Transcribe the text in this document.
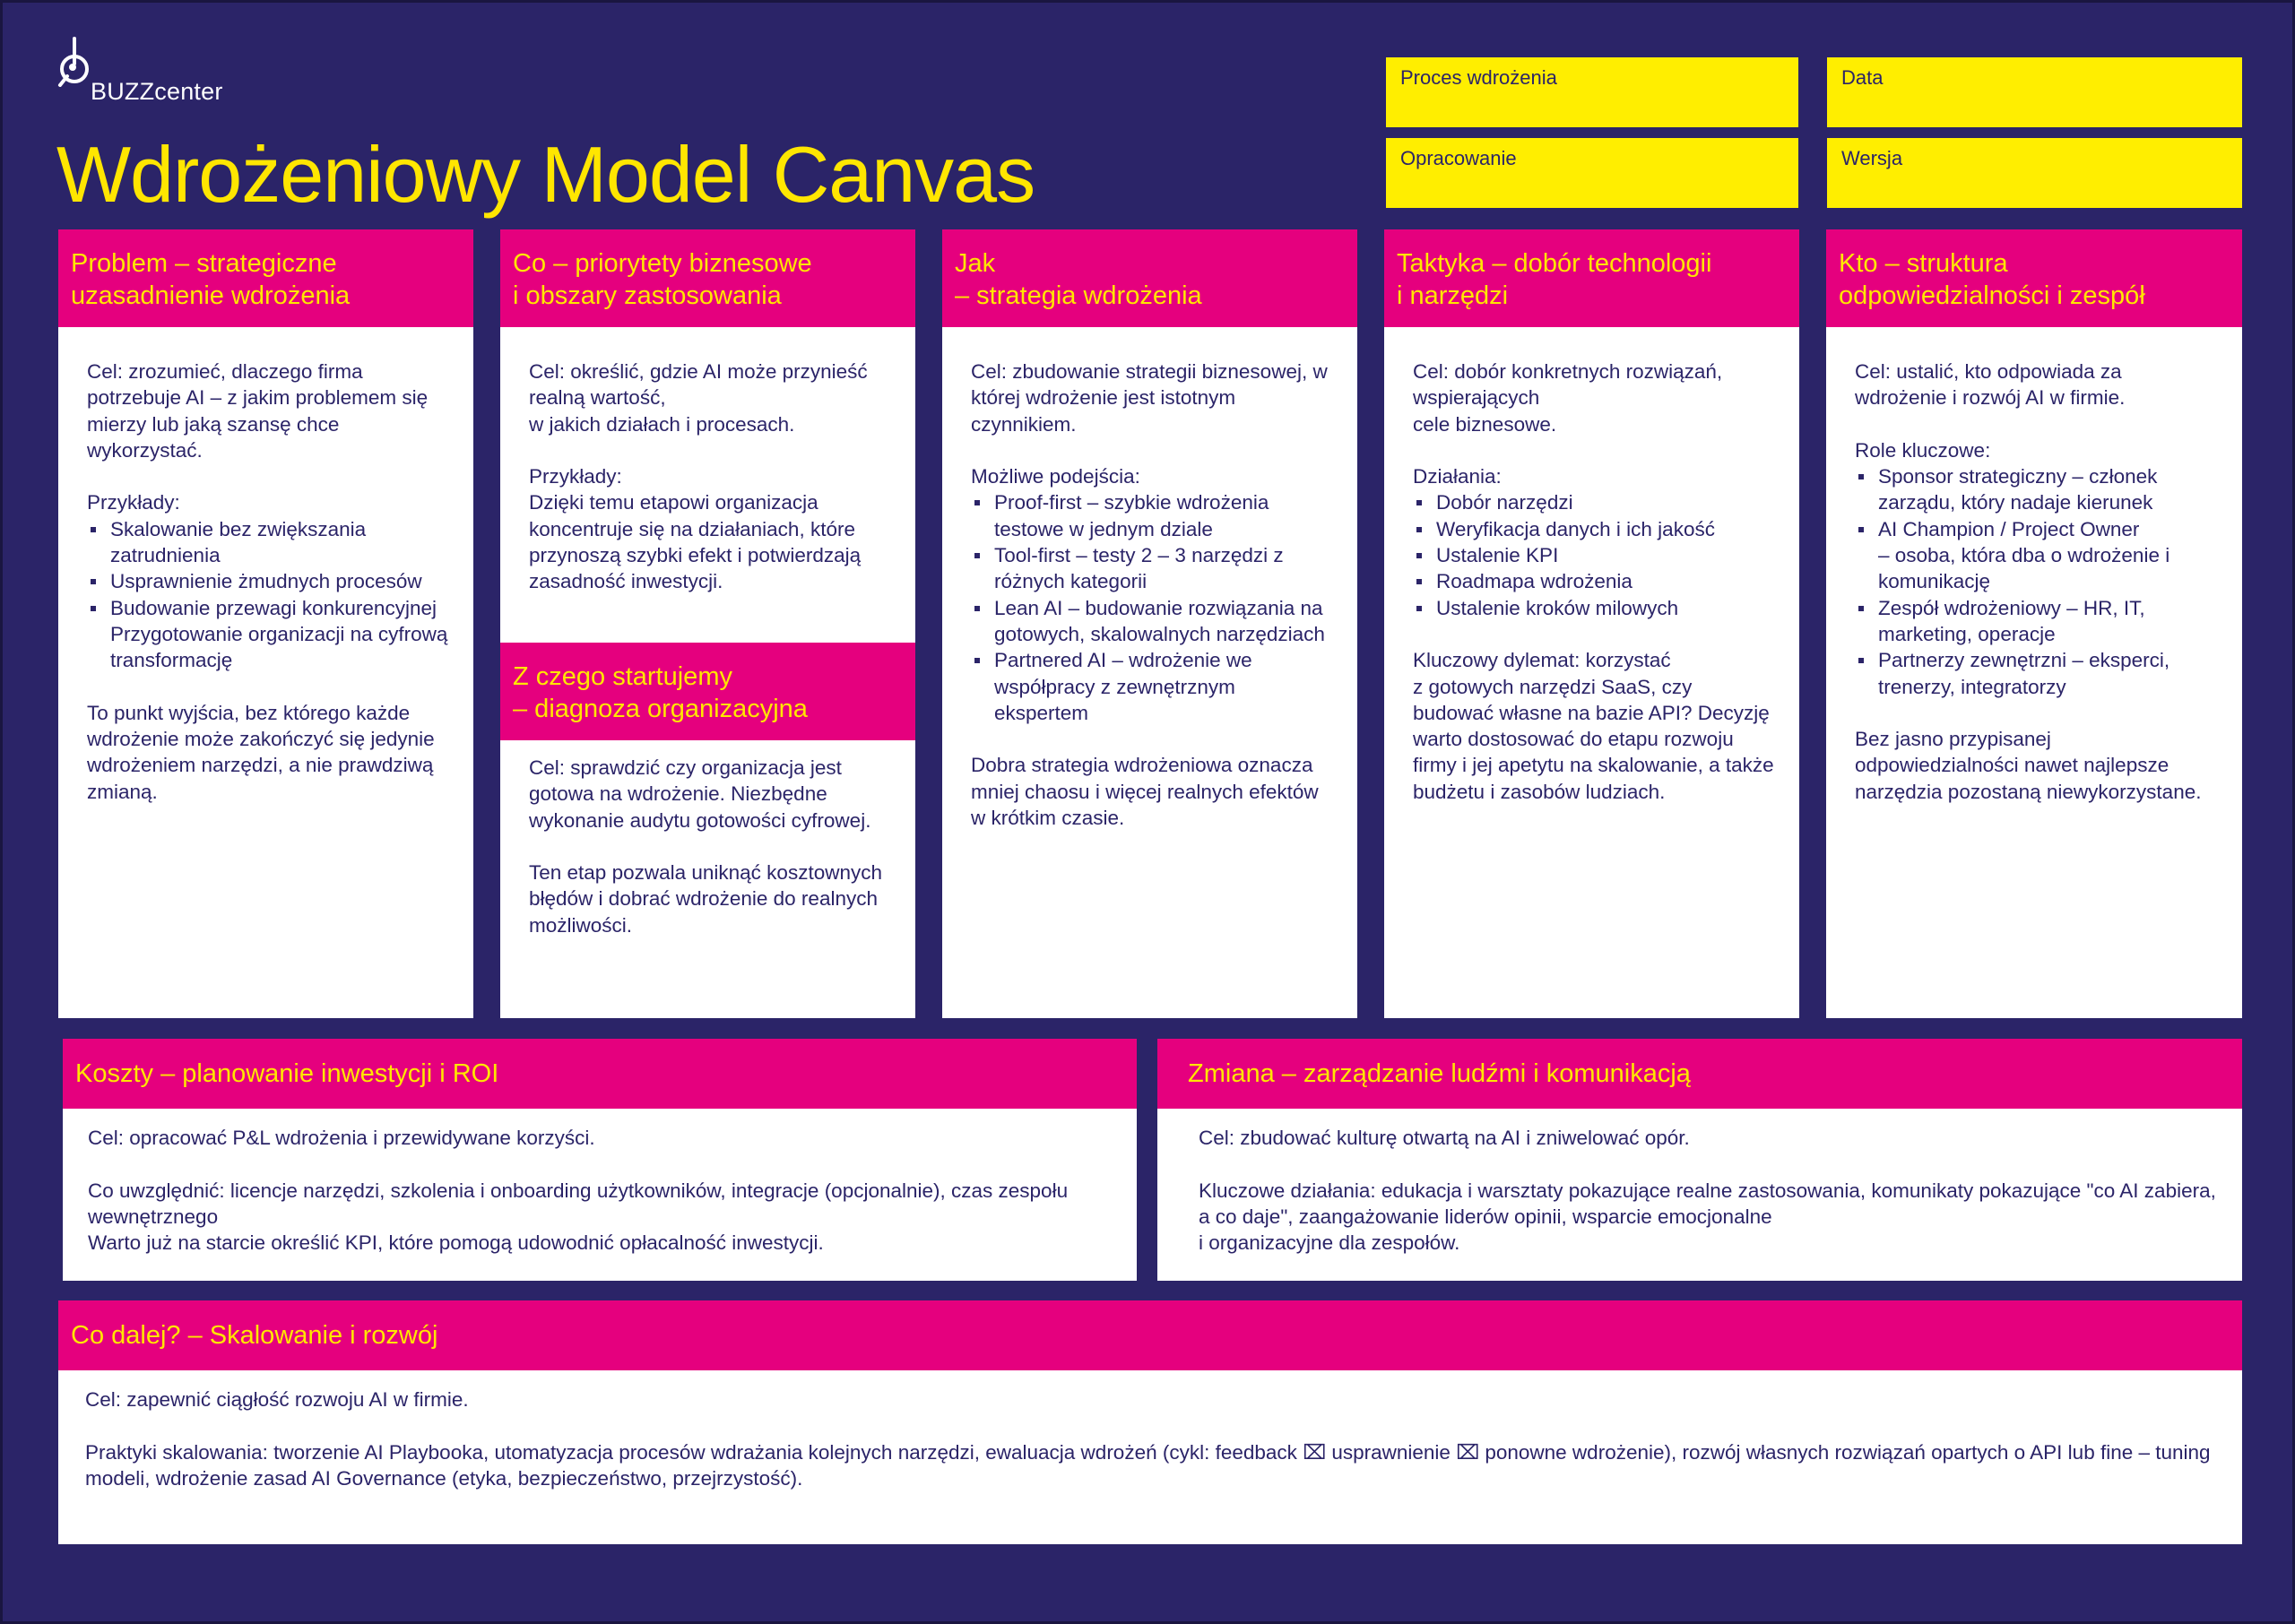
BUZZcenter
Wdrożeniowy Model Canvas
Proces wdrożenia	Data
Opracowanie	Wersja
Problem – strategiczne
uzasadnienie wdrożenia

Cel: zrozumieć, dlaczego firma potrzebuje AI – z jakim problemem się mierzy lub jaką szansę chce wykorzystać.

Przykłady:

Skalowanie bez zwiększania zatrudnienia
Usprawnienie żmudnych procesów
Budowanie przewagi konkurencyjnej
Przygotowanie organizacji na cyfrową transformację

To punkt wyjścia, bez którego każde wdrożenie może zakończyć się jedynie wdrożeniem narzędzi, a nie prawdziwą zmianą.

Co – priorytety biznesowe
i obszary zastosowania

Cel: określić, gdzie AI może przynieść realną wartość,
w jakich działach i procesach.

Przykłady:

Dzięki temu etapowi organizacja koncentruje się na działaniach, które przynoszą szybki efekt i potwierdzają zasadność inwestycji.

Z czego startujemy
– diagnoza organizacyjna

Cel: sprawdzić czy organizacja jest gotowa na wdrożenie. Niezbędne wykonanie audytu gotowości cyfrowej.

Ten etap pozwala uniknąć kosztownych błędów i dobrać wdrożenie do realnych możliwości.

Jak
– strategia wdrożenia

Cel: zbudowanie strategii biznesowej, w której wdrożenie jest istotnym czynnikiem.

Możliwe podejścia:

Proof-first – szybkie wdrożenia testowe w jednym dziale
Tool-first – testy 2 – 3 narzędzi z różnych kategorii
Lean AI – budowanie rozwiązania na gotowych, skalowalnych narzędziach
Partnered AI – wdrożenie we współpracy z zewnętrznym ekspertem

Dobra strategia wdrożeniowa oznacza mniej chaosu i więcej realnych efektów w krótkim czasie.

Taktyka – dobór technologii
i narzędzi

Cel: dobór konkretnych rozwiązań, wspierających
cele biznesowe.

Działania:

Dobór narzędzi
Weryfikacja danych i ich jakość
Ustalenie KPI
Roadmapa wdrożenia
Ustalenie kroków milowych

Kluczowy dylemat: korzystać
z gotowych narzędzi SaaS, czy budować własne na bazie API? Decyzję warto dostosować do etapu rozwoju firmy i jej apetytu na skalowanie, a także budżetu i zasobów ludziach.

Kto – struktura
odpowiedzialności i zespół

Cel: ustalić, kto odpowiada za wdrożenie i rozwój AI w firmie.

Role kluczowe:

Sponsor strategiczny – członek zarządu, który nadaje kierunek
AI Champion / Project Owner
– osoba, która dba o wdrożenie i komunikację
Zespół wdrożeniowy – HR, IT, marketing, operacje
Partnerzy zewnętrzni – eksperci, trenerzy, integratorzy

Bez jasno przypisanej odpowiedzialności nawet najlepsze narzędzia pozostaną niewykorzystane.

Koszty – planowanie inwestycji i ROI

Cel: opracować P&L wdrożenia i przewidywane korzyści.

Co uwzględnić: licencje narzędzi, szkolenia i onboarding użytkowników, integracje (opcjonalnie), czas zespołu wewnętrznego

Warto już na starcie określić KPI, które pomogą udowodnić opłacalność inwestycji.

Zmiana – zarządzanie ludźmi i komunikacją

Cel: zbudować kulturę otwartą na AI i zniwelować opór.

Kluczowe działania: edukacja i warsztaty pokazujące realne zastosowania, komunikaty pokazujące "co AI zabiera,
a co daje", zaangażowanie liderów opinii, wsparcie emocjonalne
i organizacyjne dla zespołów.

Co dalej? – Skalowanie i rozwój

Cel: zapewnić ciągłość rozwoju AI w firmie.

Praktyki skalowania: tworzenie AI Playbooka, utomatyzacja procesów wdrażania kolejnych narzędzi, ewaluacja wdrożeń (cykl: feedback ⌧ usprawnienie ⌧ ponowne wdrożenie), rozwój własnych rozwiązań opartych o API lub fine – tuning modeli, wdrożenie zasad AI Governance (etyka, bezpieczeństwo, przejrzystość).
